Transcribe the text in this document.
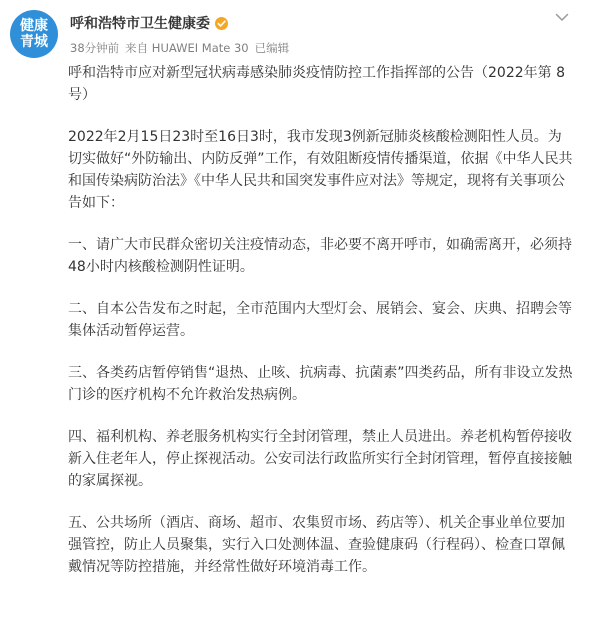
健康
青城
呼和浩特市卫生健康委
38分钟前 来自 HUAWEI Mate 30 已编辑

呼和浩特市应对新型冠状病毒感染肺炎疫情防控工作指挥部的公告（2022年第 8 号）

2022年2月15日23时至16日3时，我市发现3例新冠肺炎核酸检测阳性人员。为切实做好“外防输出、内防反弹”工作，有效阻断疫情传播渠道，依据《中华人民共和国传染病防治法》《中华人民共和国突发事件应对法》等规定，现将有关事项公告如下：

一、请广大市民群众密切关注疫情动态，非必要不离开呼市，如确需离开，必须持48小时内核酸检测阴性证明。

二、自本公告发布之时起，全市范围内大型灯会、展销会、宴会、庆典、招聘会等集体活动暂停运营。

三、各类药店暂停销售“退热、止咳、抗病毒、抗菌素”四类药品，所有非设立发热门诊的医疗机构不允许救治发热病例。

四、福利机构、养老服务机构实行全封闭管理，禁止人员进出。养老机构暂停接收新入住老年人，停止探视活动。公安司法行政监所实行全封闭管理，暂停直接接触的家属探视。

五、公共场所（酒店、商场、超市、农集贸市场、药店等）、机关企事业单位要加强管控，防止人员聚集，实行入口处测体温、查验健康码（行程码）、检查口罩佩戴情况等防控措施，并经常性做好环境消毒工作。
